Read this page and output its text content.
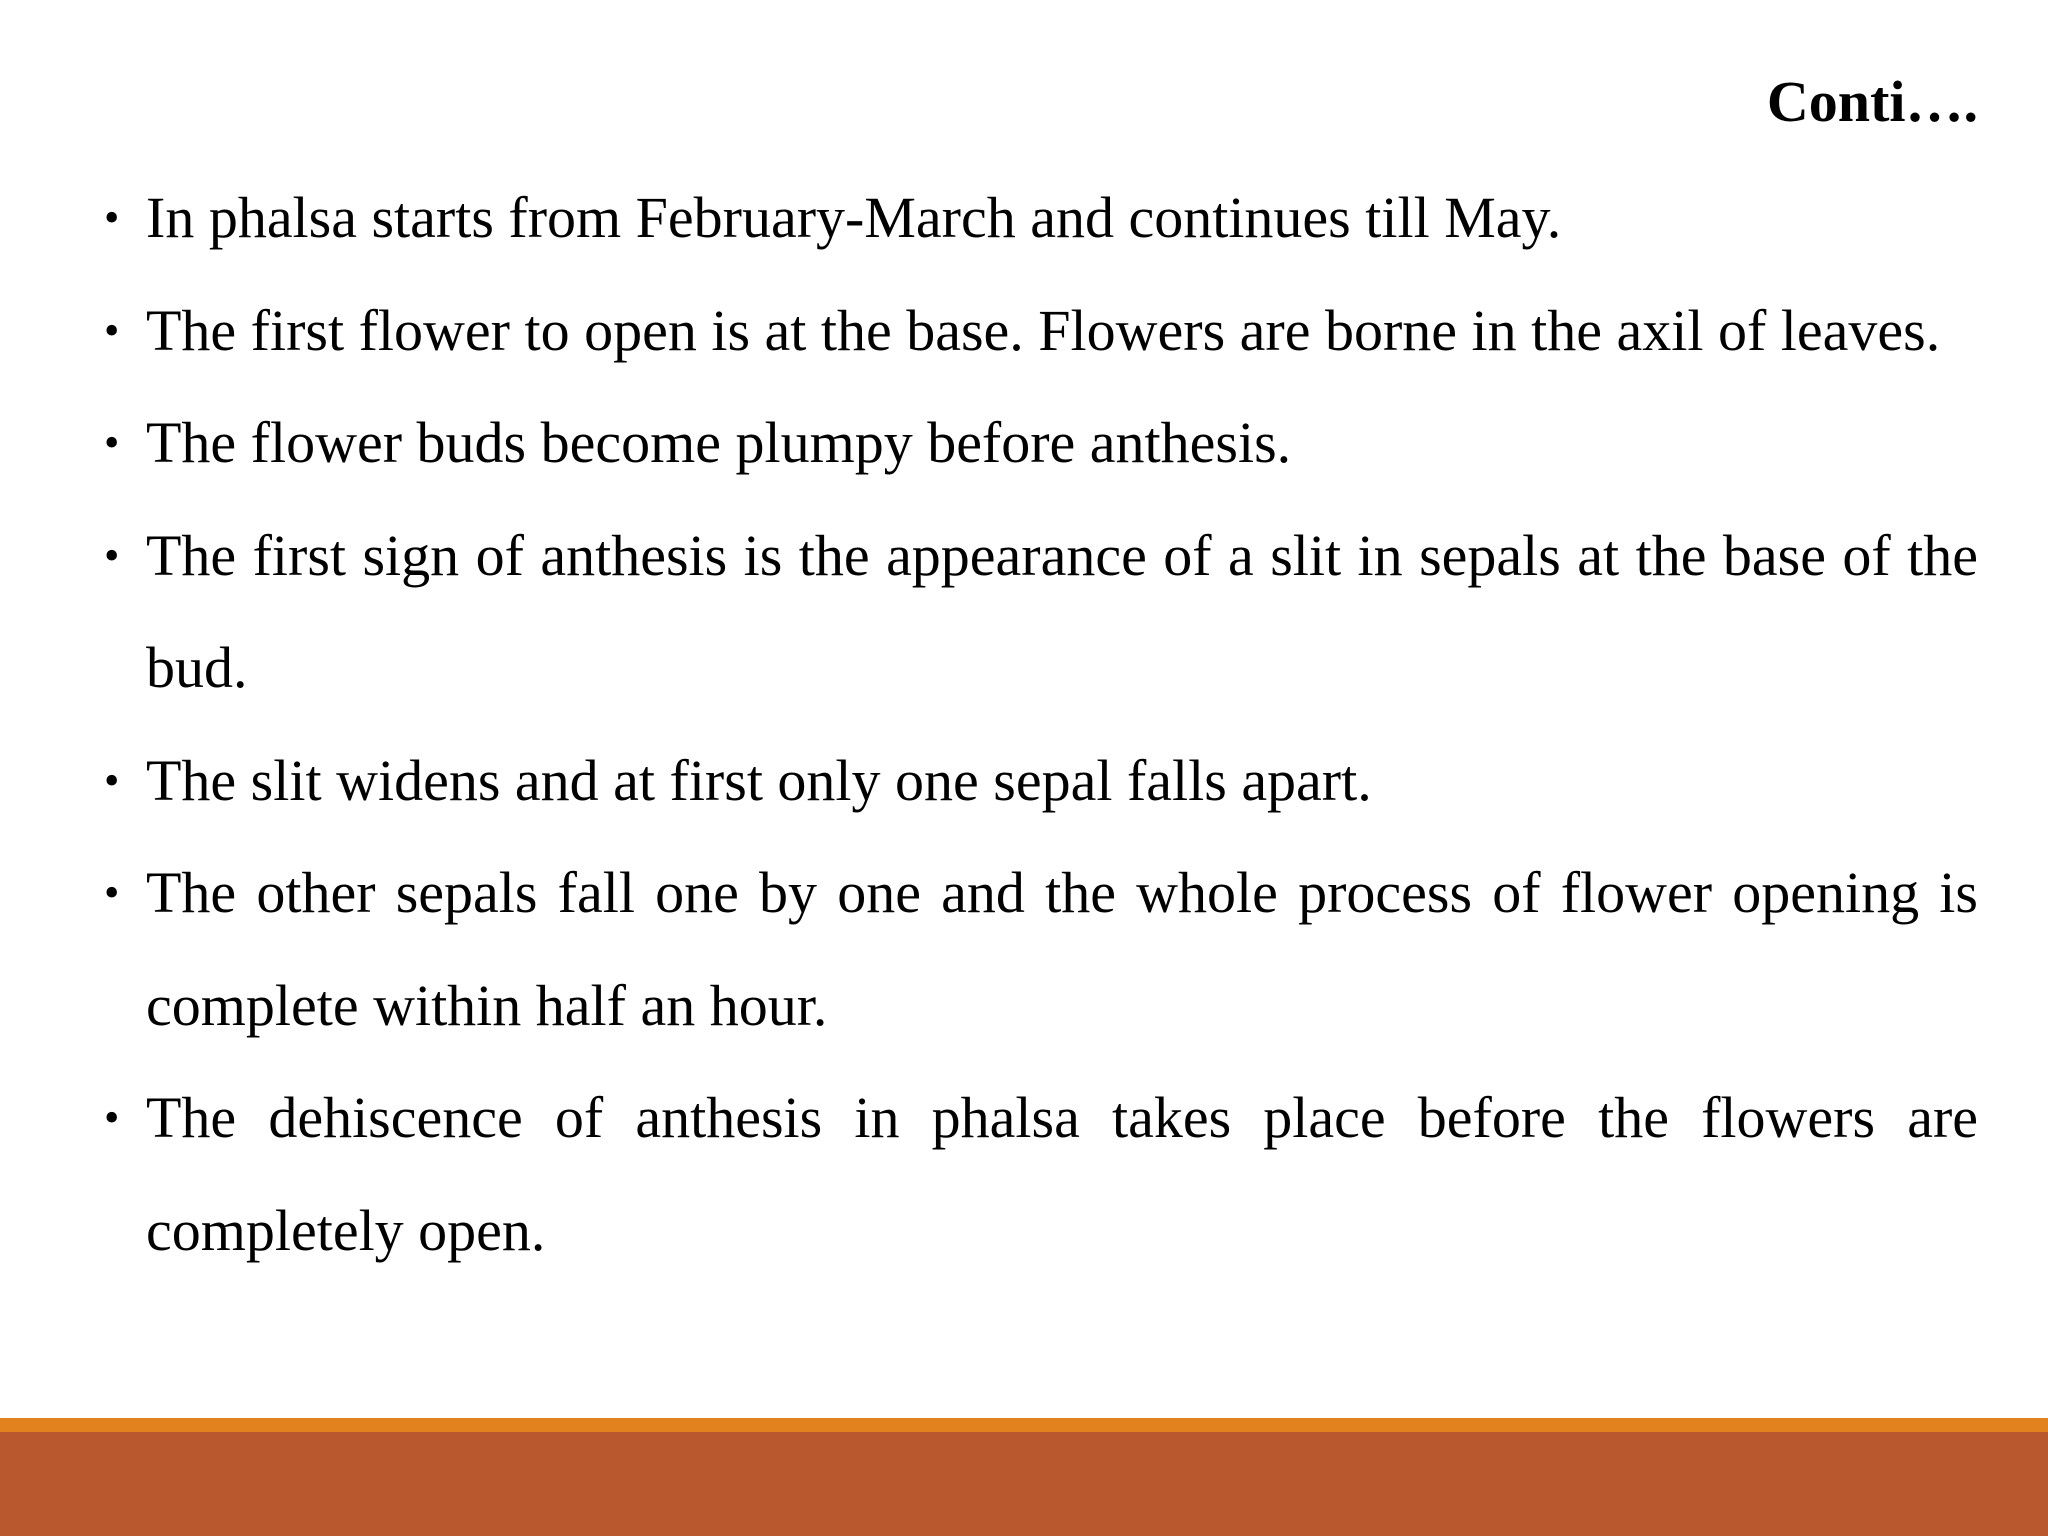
Conti….
• In phalsa starts from February-March and continues till May.
• The first flower to open is at the base. Flowers are borne in the axil of leaves.
• The flower buds become plumpy before anthesis.
• The first sign of anthesis is the appearance of a slit in sepals at the base of the bud.
• The slit widens and at first only one sepal falls apart.
• The other sepals fall one by one and the whole process of flower opening is complete within half an hour.
• The dehiscence of anthesis in phalsa takes place before the flowers are completely open.
